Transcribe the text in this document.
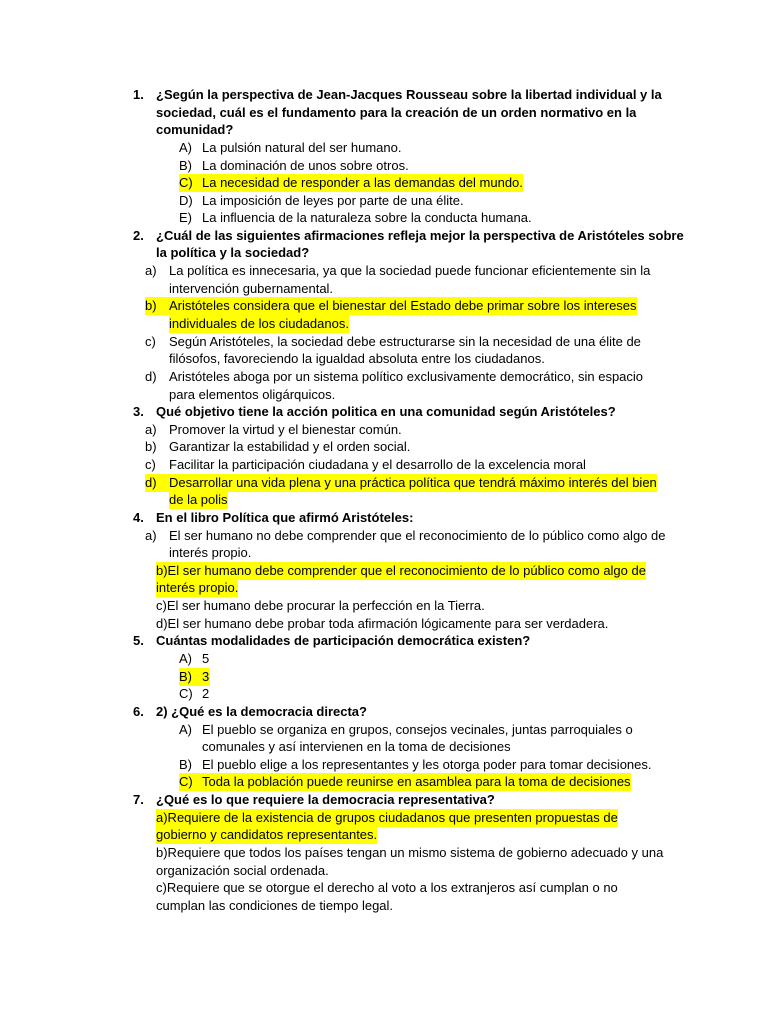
1. ¿Según la perspectiva de Jean-Jacques Rousseau sobre la libertad individual y la
sociedad, cuál es el fundamento para la creación de un orden normativo en la
comunidad?
A) La pulsión natural del ser humano.
B) La dominación de unos sobre otros.
C) La necesidad de responder a las demandas del mundo.
D) La imposición de leyes por parte de una élite.
E) La influencia de la naturaleza sobre la conducta humana.
2. ¿Cuál de las siguientes afirmaciones refleja mejor la perspectiva de Aristóteles sobre
la política y la sociedad?
a) La política es innecesaria, ya que la sociedad puede funcionar eficientemente sin la
intervención gubernamental.
b) Aristóteles considera que el bienestar del Estado debe primar sobre los intereses
individuales de los ciudadanos.
c) Según Aristóteles, la sociedad debe estructurarse sin la necesidad de una élite de
filósofos, favoreciendo la igualdad absoluta entre los ciudadanos.
d) Aristóteles aboga por un sistema político exclusivamente democrático, sin espacio
para elementos oligárquicos.
3. Qué objetivo tiene la acción politica en una comunidad según Aristóteles?
a) Promover la virtud y el bienestar común.
b) Garantizar la estabilidad y el orden social.
c) Facilitar la participación ciudadana y el desarrollo de la excelencia moral
d) Desarrollar una vida plena y una práctica política que tendrá máximo interés del bien
de la polis
4. En el libro Política que afirmó Aristóteles:
a) El ser humano no debe comprender que el reconocimiento de lo público como algo de
interés propio.
b)El ser humano debe comprender que el reconocimiento de lo público como algo de
interés propio.
c)El ser humano debe procurar la perfección en la Tierra.
d)El ser humano debe probar toda afirmación lógicamente para ser verdadera.
5. Cuántas modalidades de participación democrática existen?
A) 5
B) 3
C) 2
6. 2) ¿Qué es la democracia directa?
A) El pueblo se organiza en grupos, consejos vecinales, juntas parroquiales o
comunales y así intervienen en la toma de decisiones
B) El pueblo elige a los representantes y les otorga poder para tomar decisiones.
C) Toda la población puede reunirse en asamblea para la toma de decisiones
7. ¿Qué es lo que requiere la democracia representativa?
a)Requiere de la existencia de grupos ciudadanos que presenten propuestas de
gobierno y candidatos representantes.
b)Requiere que todos los países tengan un mismo sistema de gobierno adecuado y una
organización social ordenada.
c)Requiere que se otorgue el derecho al voto a los extranjeros así cumplan o no
cumplan las condiciones de tiempo legal.
